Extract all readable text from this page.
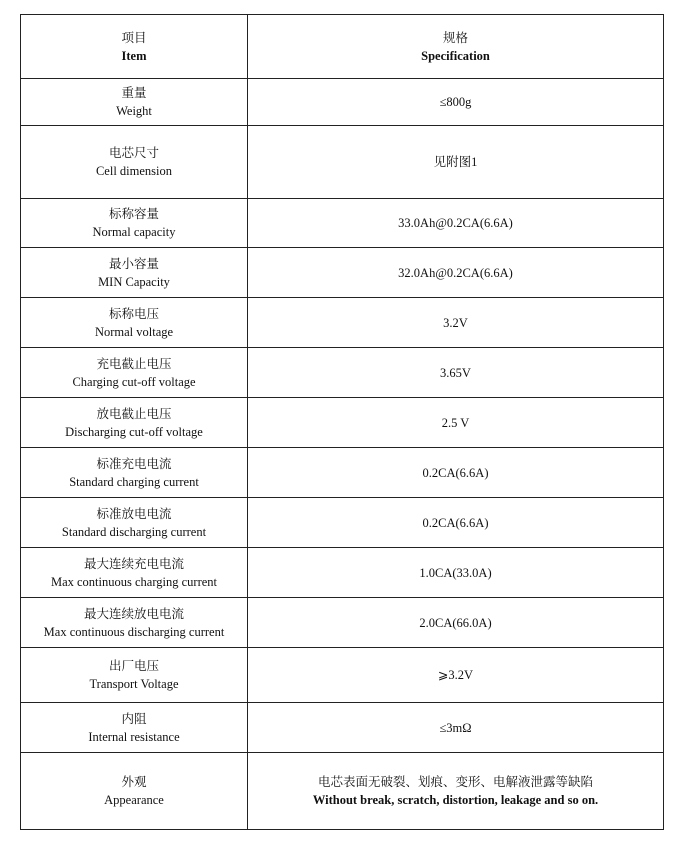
项目
Item	规格
Specification

重量
Weight	≤800g

电芯尺寸
Cell dimension	见附图1

标称容量
Normal capacity	33.0Ah@0.2CA(6.6A)

最小容量
MIN Capacity	32.0Ah@0.2CA(6.6A)

标称电压
Normal voltage	3.2V

充电截止电压
Charging cut-off voltage	3.65V

放电截止电压
Discharging cut-off voltage	2.5 V

标准充电电流
Standard charging current	0.2CA(6.6A)

标准放电电流
Standard discharging current	0.2CA(6.6A)

最大连续充电电流
Max continuous charging current	1.0CA(33.0A)

最大连续放电电流
Max continuous discharging current	2.0CA(66.0A)

出厂电压
Transport Voltage	⩾3.2V

内阻
Internal resistance	≤3mΩ

外观
Appearance	电芯表面无破裂、划痕、变形、电解液泄露等缺陷
Without break, scratch, distortion, leakage and so on.
